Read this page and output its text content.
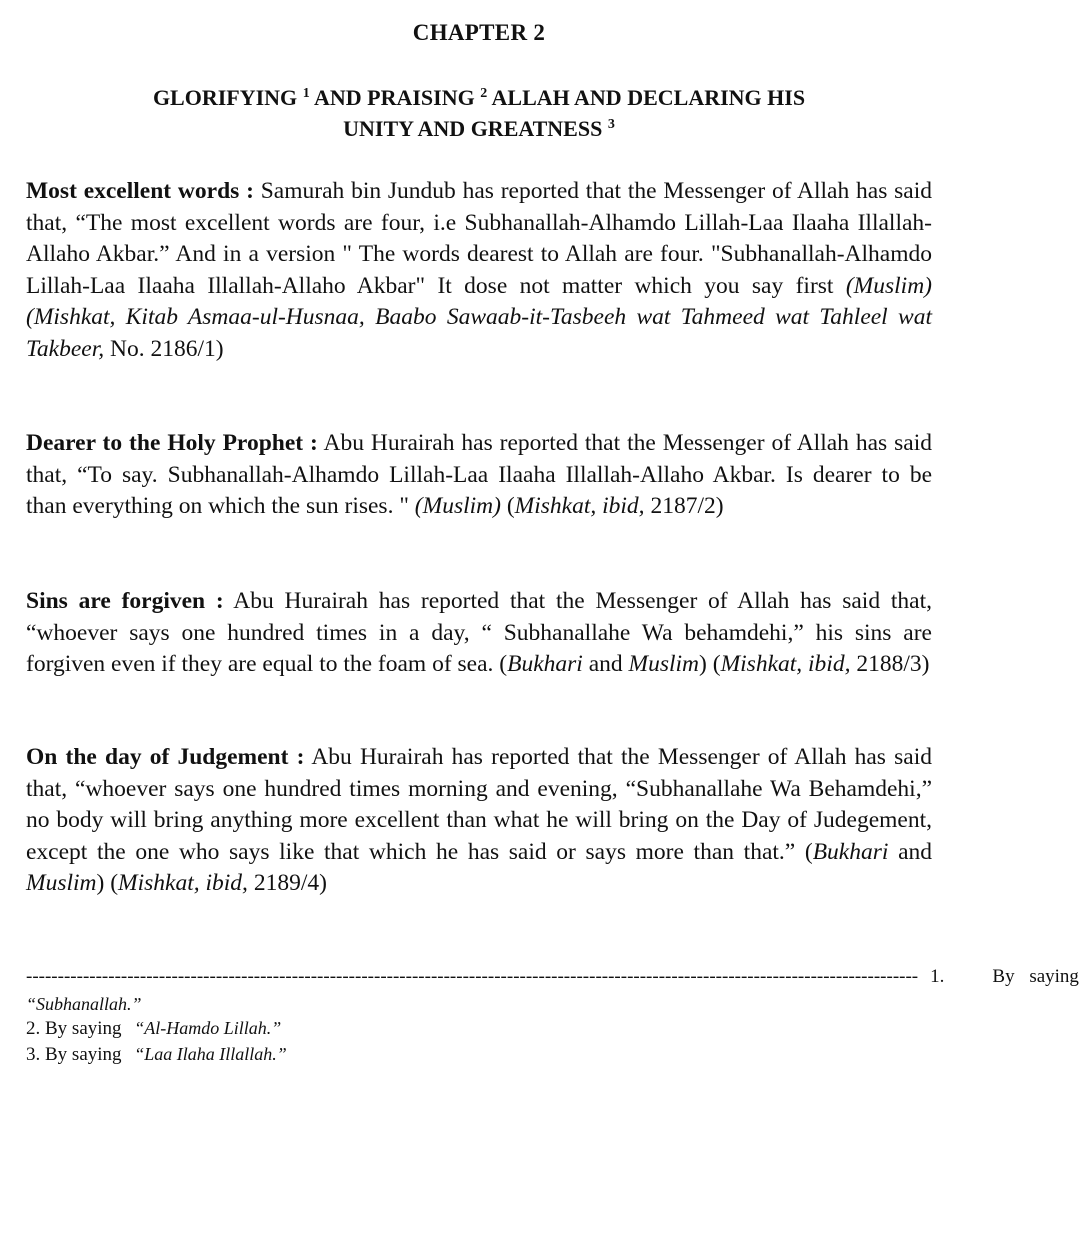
CHAPTER 2
GLORIFYING $^1$ AND PRAISING $^2$ ALLAH AND DECLARING HIS
UNITY AND GREATNESS $^3$

Most excellent words : Samurah bin Jundub has reported that the Messenger of Allah has said that, “The most excellent words are four, i.e Subhanallah-Alhamdo Lillah-Laa Ilaaha Illallah-Allaho Akbar.” And in a version " The words dearest to Allah are four. "Subhanallah-Alhamdo Lillah-Laa Ilaaha Illallah-Allaho Akbar" It dose not matter which you say first (Muslim) (Mishkat, Kitab Asmaa-ul-Husnaa, Baabo Sawaab-it-Tasbeeh wat Tahmeed wat Tahleel wat Takbeer, No. 2186/1)

Dearer to the Holy Prophet : Abu Hurairah has reported that the Messenger of Allah has said that, “To say. Subhanallah-Alhamdo Lillah-Laa Ilaaha Illallah-Allaho Akbar. Is dearer to be than everything on which the sun rises. " (Muslim) (Mishkat, ibid, 2187/2)

Sins are forgiven : Abu Hurairah has reported that the Messenger of Allah has said that, “whoever says one hundred times in a day, “ Subhanallahe Wa behamdehi,” his sins are forgiven even if they are equal to the foam of sea. (Bukhari and Muslim) (Mishkat, ibid, 2188/3)

On the day of Judgement : Abu Hurairah has reported that the Messenger of Allah has said that, “whoever says one hundred times morning and evening, “Subhanallahe Wa Behamdehi,” no body will bring anything more excellent than what he will bring on the Day of Judegement, except the one who says like that which he has said or says more than that.” (Bukhari and Muslim) (Mishkat, ibid, 2189/4)

--------------------------------------------------------------------------------------------------------------------------------------------- 1.	By saying
“Subhanallah.”
2. By saying “Al-Hamdo Lillah.”
3. By saying “Laa Ilaha Illallah.”
